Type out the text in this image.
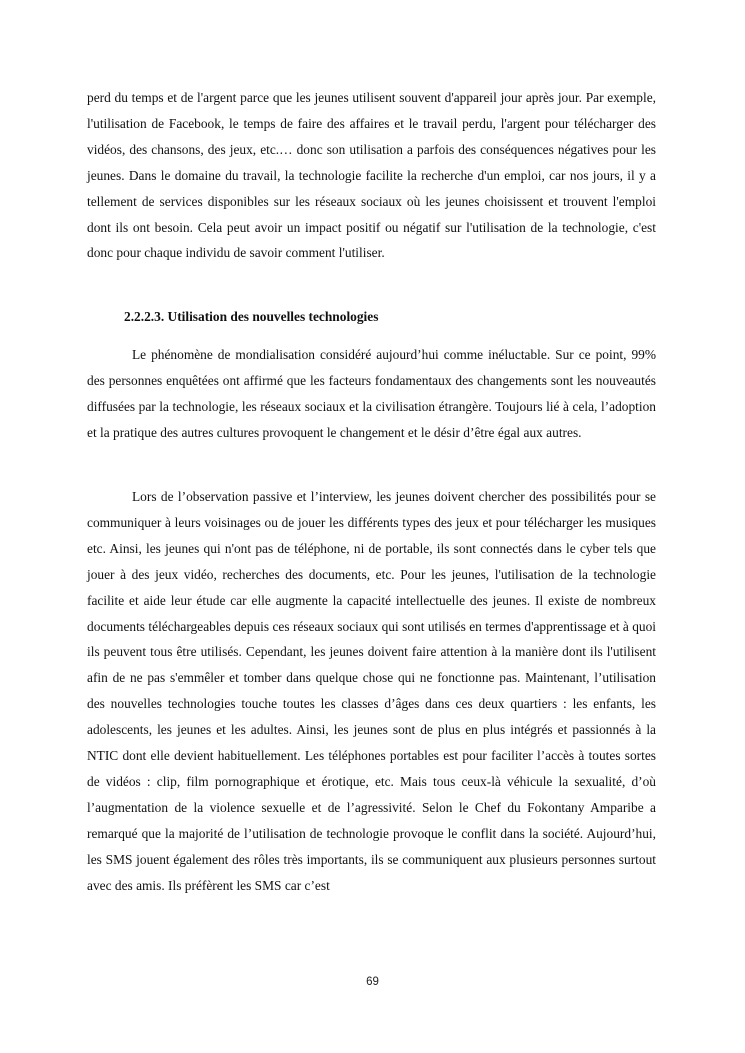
perd du temps et de l'argent parce que les jeunes utilisent souvent d'appareil jour après jour. Par exemple, l'utilisation de Facebook, le temps de faire des affaires et le travail perdu, l'argent pour télécharger des vidéos, des chansons, des jeux, etc.… donc son utilisation a parfois des conséquences négatives pour les jeunes. Dans le domaine du travail, la technologie facilite la recherche d'un emploi, car nos jours, il y a tellement de services disponibles sur les réseaux sociaux où les jeunes choisissent et trouvent l'emploi dont ils ont besoin. Cela peut avoir un impact positif ou négatif sur l'utilisation de la technologie, c'est donc pour chaque individu de savoir comment l'utiliser.

2.2.2.3. Utilisation des nouvelles technologies

Le phénomène de mondialisation considéré aujourd’hui comme inéluctable. Sur ce point, 99% des personnes enquêtées ont affirmé que les facteurs fondamentaux des changements sont les nouveautés diffusées par la technologie, les réseaux sociaux et la civilisation étrangère. Toujours lié à cela, l’adoption et la pratique des autres cultures provoquent le changement et le désir d’être égal aux autres.

Lors de l’observation passive et l’interview, les jeunes doivent chercher des possibilités pour se communiquer à leurs voisinages ou de jouer les différents types des jeux et pour télécharger les musiques etc. Ainsi, les jeunes qui n'ont pas de téléphone, ni de portable, ils sont connectés dans le cyber tels que jouer à des jeux vidéo, recherches des documents, etc. Pour les jeunes, l'utilisation de la technologie facilite et aide leur étude car elle augmente la capacité intellectuelle des jeunes. Il existe de nombreux documents téléchargeables depuis ces réseaux sociaux qui sont utilisés en termes d'apprentissage et à quoi ils peuvent tous être utilisés. Cependant, les jeunes doivent faire attention à la manière dont ils l'utilisent afin de ne pas s'emmêler et tomber dans quelque chose qui ne fonctionne pas. Maintenant, l’utilisation des nouvelles technologies touche toutes les classes d’âges dans ces deux quartiers : les enfants, les adolescents, les jeunes et les adultes. Ainsi, les jeunes sont de plus en plus intégrés et passionnés à la NTIC dont elle devient habituellement. Les téléphones portables est pour faciliter l’accès à toutes sortes de vidéos : clip, film pornographique et érotique, etc. Mais tous ceux-là véhicule la sexualité, d’où l’augmentation de la violence sexuelle et de l’agressivité. Selon le Chef du Fokontany Amparibe a remarqué que la majorité de l’utilisation de technologie provoque le conflit dans la société. Aujourd’hui, les SMS jouent également des rôles très importants, ils se communiquent aux plusieurs personnes surtout avec des amis. Ils préfèrent les SMS car c’est

69
